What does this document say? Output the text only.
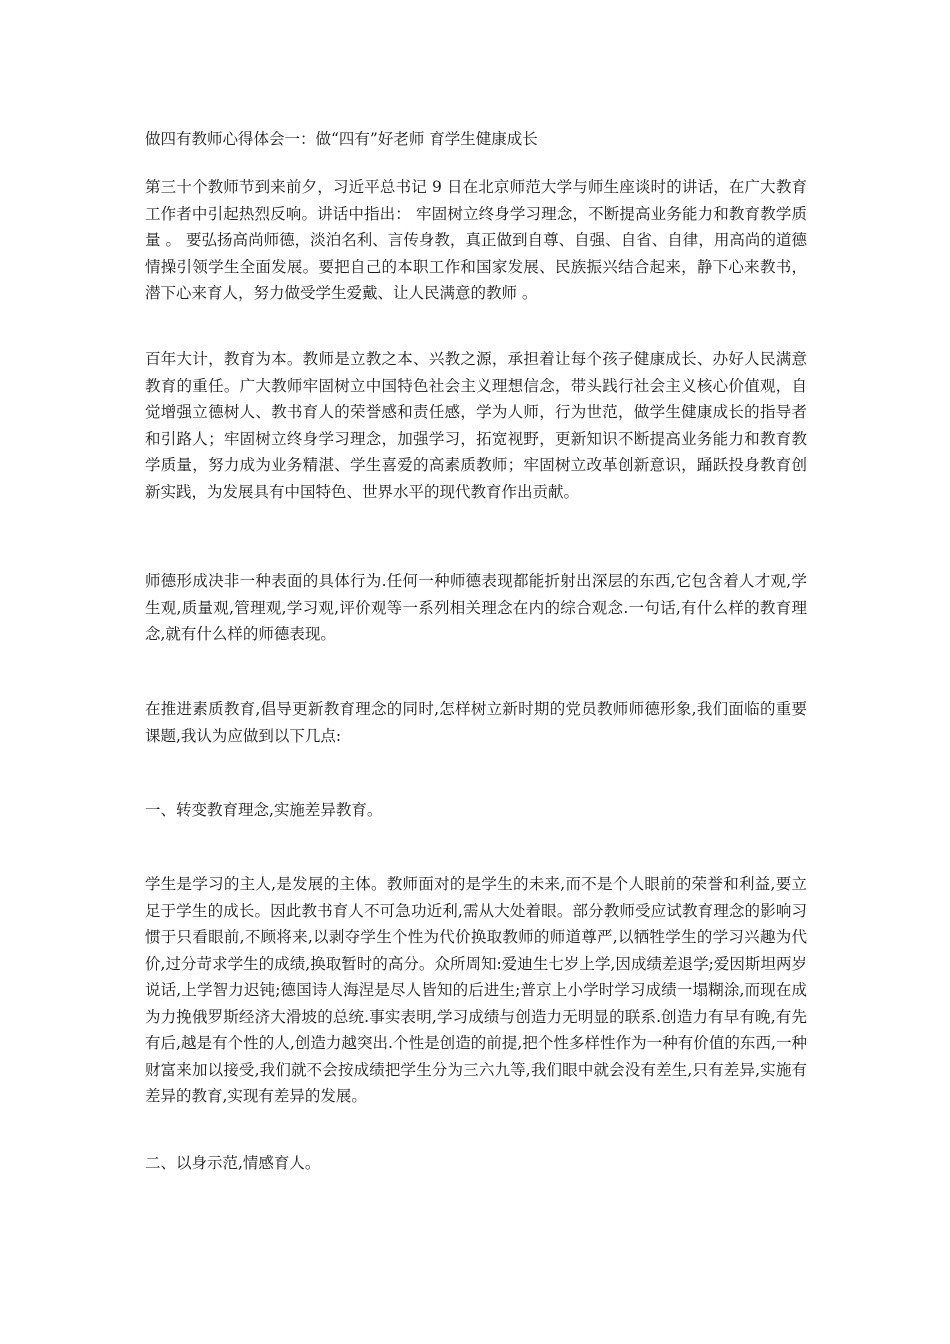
做四有教师心得体会一：做“四有”好老师 育学生健康成长

第三十个教师节到来前夕，习近平总书记 9 日在北京师范大学与师生座谈时的讲话，在广大教育工作者中引起热烈反响。讲话中指出： 牢固树立终身学习理念，不断提高业务能力和教育教学质量 。 要弘扬高尚师德，淡泊名利、言传身教，真正做到自尊、自强、自省、自律，用高尚的道德情操引领学生全面发展。要把自己的本职工作和国家发展、民族振兴结合起来，静下心来教书，潜下心来育人，努力做受学生爱戴、让人民满意的教师 。

百年大计，教育为本。教师是立教之本、兴教之源，承担着让每个孩子健康成长、办好人民满意教育的重任。广大教师牢固树立中国特色社会主义理想信念，带头践行社会主义核心价值观，自觉增强立德树人、教书育人的荣誉感和责任感，学为人师，行为世范，做学生健康成长的指导者和引路人；牢固树立终身学习理念，加强学习，拓宽视野，更新知识不断提高业务能力和教育教学质量，努力成为业务精湛、学生喜爱的高素质教师；牢固树立改革创新意识，踊跃投身教育创新实践，为发展具有中国特色、世界水平的现代教育作出贡献。

师德形成决非一种表面的具体行为.任何一种师德表现都能折射出深层的东西,它包含着人才观,学生观,质量观,管理观,学习观,评价观等一系列相关理念在内的综合观念.一句话,有什么样的教育理念,就有什么样的师德表现。

在推进素质教育,倡导更新教育理念的同时,怎样树立新时期的党员教师师德形象,我们面临的重要课题,我认为应做到以下几点:

一、转变教育理念,实施差异教育。

学生是学习的主人,是发展的主体。教师面对的是学生的未来,而不是个人眼前的荣誉和利益,要立足于学生的成长。因此教书育人不可急功近利,需从大处着眼。部分教师受应试教育理念的影响习惯于只看眼前,不顾将来,以剥夺学生个性为代价换取教师的师道尊严,以牺牲学生的学习兴趣为代价,过分苛求学生的成绩,换取暂时的高分。众所周知:爱迪生七岁上学,因成绩差退学;爱因斯坦两岁说话,上学智力迟钝;德国诗人海涅是尽人皆知的后进生;普京上小学时学习成绩一塌糊涂,而现在成为力挽俄罗斯经济大滑坡的总统.事实表明,学习成绩与创造力无明显的联系.创造力有早有晚,有先有后,越是有个性的人,创造力越突出.个性是创造的前提,把个性多样性作为一种有价值的东西,一种财富来加以接受,我们就不会按成绩把学生分为三六九等,我们眼中就会没有差生,只有差异,实施有差异的教育,实现有差异的发展。

二、以身示范,情感育人。
